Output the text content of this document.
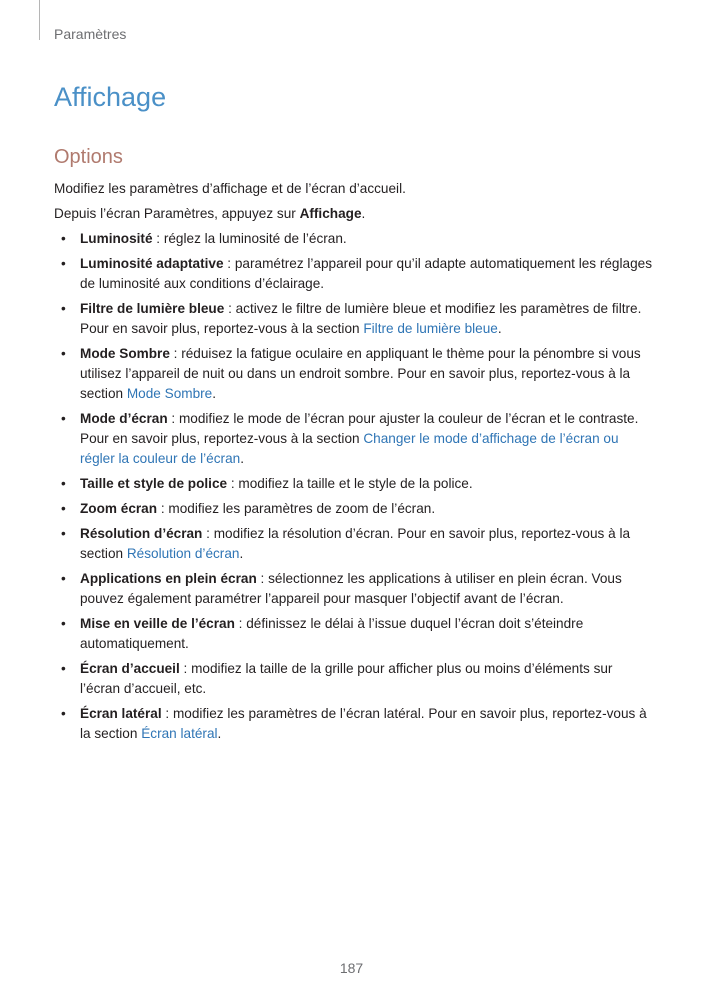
Paramètres
Affichage
Options

Modifiez les paramètres d’affichage et de l’écran d’accueil.

Depuis l’écran Paramètres, appuyez sur Affichage.

• Luminosité : réglez la luminosité de l’écran.
• Luminosité adaptative : paramétrez l’appareil pour qu’il adapte automatiquement les réglages de luminosité aux conditions d’éclairage.
• Filtre de lumière bleue : activez le filtre de lumière bleue et modifiez les paramètres de filtre. Pour en savoir plus, reportez-vous à la section Filtre de lumière bleue.
• Mode Sombre : réduisez la fatigue oculaire en appliquant le thème pour la pénombre si vous utilisez l’appareil de nuit ou dans un endroit sombre. Pour en savoir plus, reportez-vous à la section Mode Sombre.
• Mode d’écran : modifiez le mode de l’écran pour ajuster la couleur de l’écran et le contraste. Pour en savoir plus, reportez-vous à la section Changer le mode d’affichage de l’écran ou régler la couleur de l’écran.
• Taille et style de police : modifiez la taille et le style de la police.
• Zoom écran : modifiez les paramètres de zoom de l’écran.
• Résolution d’écran : modifiez la résolution d’écran. Pour en savoir plus, reportez-vous à la section Résolution d’écran.
• Applications en plein écran : sélectionnez les applications à utiliser en plein écran. Vous pouvez également paramétrer l’appareil pour masquer l’objectif avant de l’écran.
• Mise en veille de l’écran : définissez le délai à l’issue duquel l’écran doit s’éteindre automatiquement.
• Écran d’accueil : modifiez la taille de la grille pour afficher plus ou moins d’éléments sur l’écran d’accueil, etc.
• Écran latéral : modifiez les paramètres de l’écran latéral. Pour en savoir plus, reportez-vous à la section Écran latéral.
187
